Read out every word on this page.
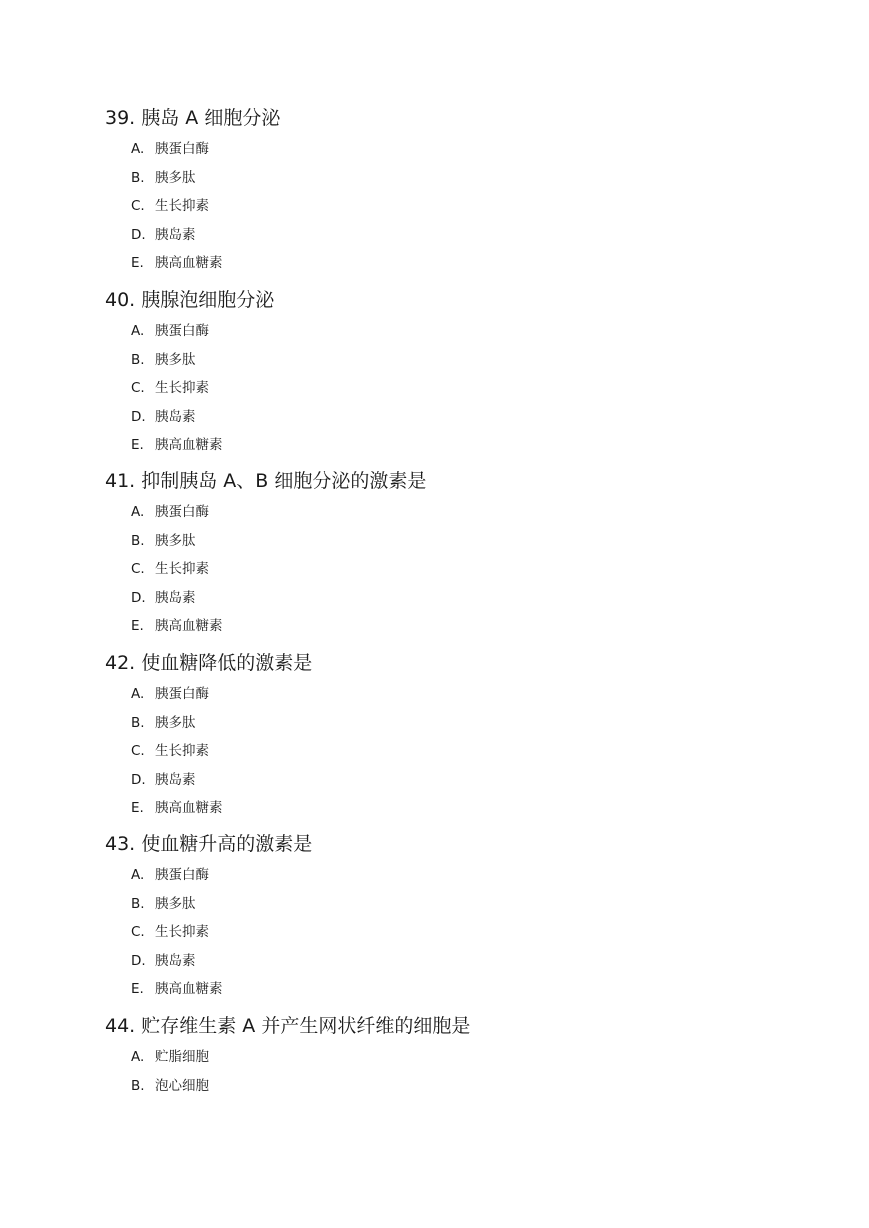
39. 胰岛 A 细胞分泌
A. 胰蛋白酶
B. 胰多肽
C. 生长抑素
D. 胰岛素
E. 胰高血糖素
40. 胰腺泡细胞分泌
A. 胰蛋白酶
B. 胰多肽
C. 生长抑素
D. 胰岛素
E. 胰高血糖素
41. 抑制胰岛 A、B 细胞分泌的激素是
A. 胰蛋白酶
B. 胰多肽
C. 生长抑素
D. 胰岛素
E. 胰高血糖素
42. 使血糖降低的激素是
A. 胰蛋白酶
B. 胰多肽
C. 生长抑素
D. 胰岛素
E. 胰高血糖素
43. 使血糖升高的激素是
A. 胰蛋白酶
B. 胰多肽
C. 生长抑素
D. 胰岛素
E. 胰高血糖素
44. 贮存维生素 A 并产生网状纤维的细胞是
A. 贮脂细胞
B. 泡心细胞
